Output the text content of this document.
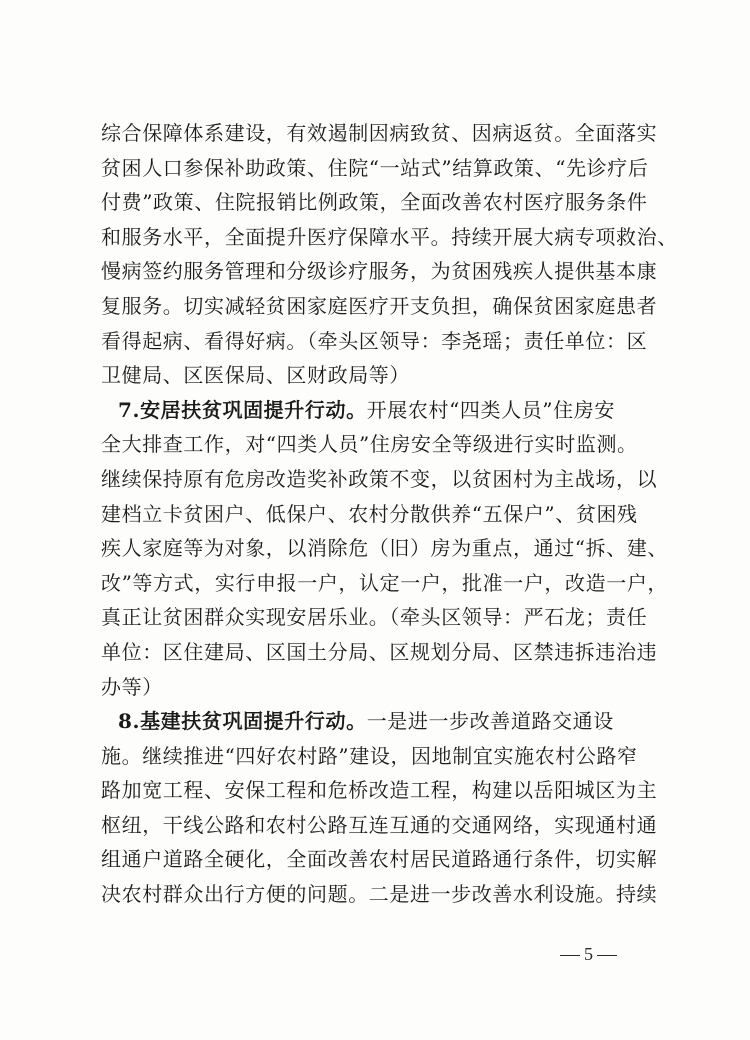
综合保障体系建设，有效遏制因病致贫、因病返贫。全面落实
贫困人口参保补助政策、住院“一站式”结算政策、“先诊疗后
付费”政策、住院报销比例政策，全面改善农村医疗服务条件
和服务水平，全面提升医疗保障水平。持续开展大病专项救治、
慢病签约服务管理和分级诊疗服务，为贫困残疾人提供基本康
复服务。切实减轻贫困家庭医疗开支负担，确保贫困家庭患者
看得起病、看得好病。（牵头区领导：李尧瑶；责任单位：区
卫健局、区医保局、区财政局等）
7.安居扶贫巩固提升行动。开展农村“四类人员”住房安
全大排查工作，对“四类人员”住房安全等级进行实时监测。
继续保持原有危房改造奖补政策不变，以贫困村为主战场，以
建档立卡贫困户、低保户、农村分散供养“五保户”、贫困残
疾人家庭等为对象，以消除危（旧）房为重点，通过“拆、建、
改”等方式，实行申报一户，认定一户，批准一户，改造一户，
真正让贫困群众实现安居乐业。（牵头区领导：严石龙；责任
单位：区住建局、区国土分局、区规划分局、区禁违拆违治违
办等）
8.基建扶贫巩固提升行动。一是进一步改善道路交通设
施。继续推进“四好农村路”建设，因地制宜实施农村公路窄
路加宽工程、安保工程和危桥改造工程，构建以岳阳城区为主
枢纽，干线公路和农村公路互连互通的交通网络，实现通村通
组通户道路全硬化，全面改善农村居民道路通行条件，切实解
决农村群众出行方便的问题。二是进一步改善水利设施。持续
5
